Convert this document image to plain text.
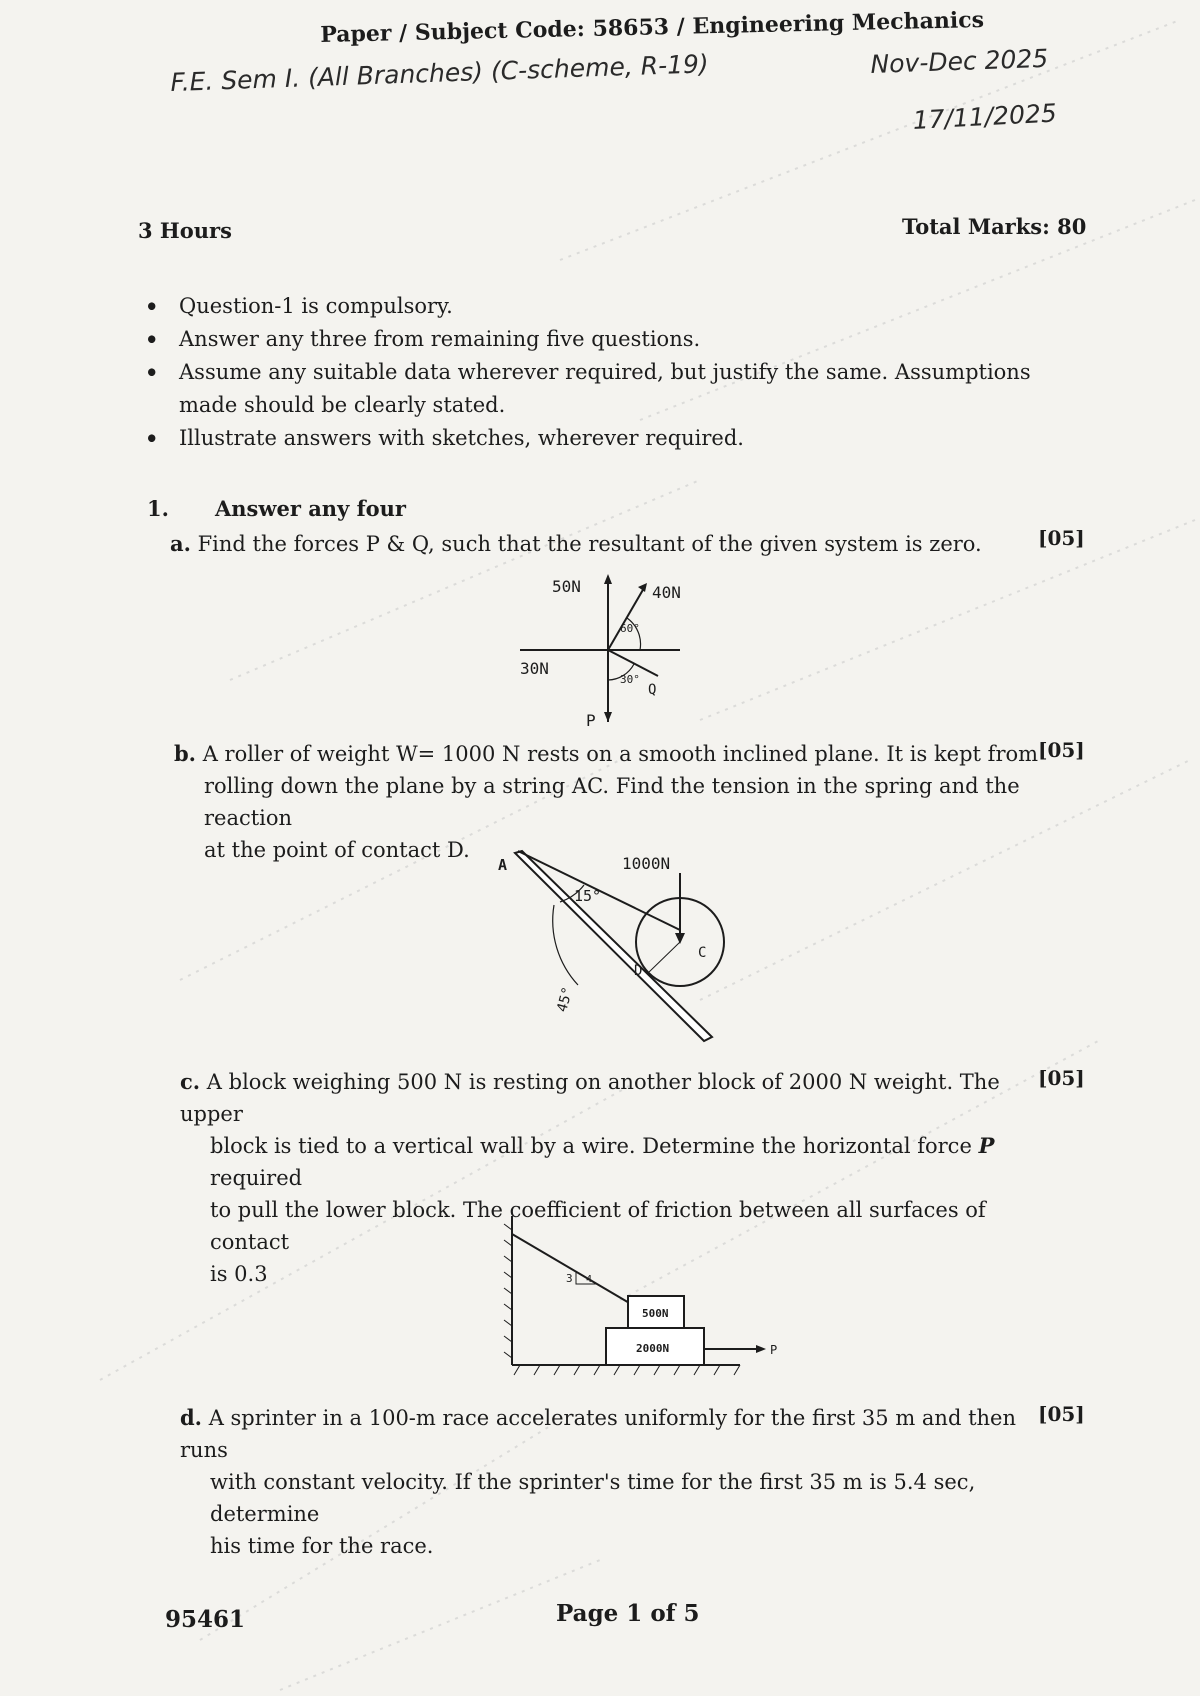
Paper / Subject Code: 58653 / Engineering Mechanics
F.E. Sem I. (All Branches) (C-scheme, R-19)	Nov-Dec 2025
17/11/2025
3 Hours	Total Marks: 80
• Question-1 is compulsory.
• Answer any three from remaining five questions.
• Assume any suitable data wherever required, but justify the same. Assumptions made should be clearly stated.
• Illustrate answers with sketches, wherever required.
1. Answer any four
a. Find the forces P & Q, such that the resultant of the given system is zero.	[05]
50N	40N
60°
30N
30°
Q
P
b. A roller of weight W= 1000 N rests on a smooth inclined plane. It is kept from
rolling down the plane by a string AC. Find the tension in the spring and the reaction
at the point of contact D.
[05]
A	1000N
15°
C
D
45°
c. A block weighing 500 N is resting on another block of 2000 N weight. The upper
block is tied to a vertical wall by a wire. Determine the horizontal force P required
to pull the lower block. The coefficient of friction between all surfaces of contact
is 0.3
[05]
3 4
500N
2000N	P
d. A sprinter in a 100-m race accelerates uniformly for the first 35 m and then runs
with constant velocity. If the sprinter's time for the first 35 m is 5.4 sec, determine
his time for the race.
[05]
95461	Page 1 of 5
